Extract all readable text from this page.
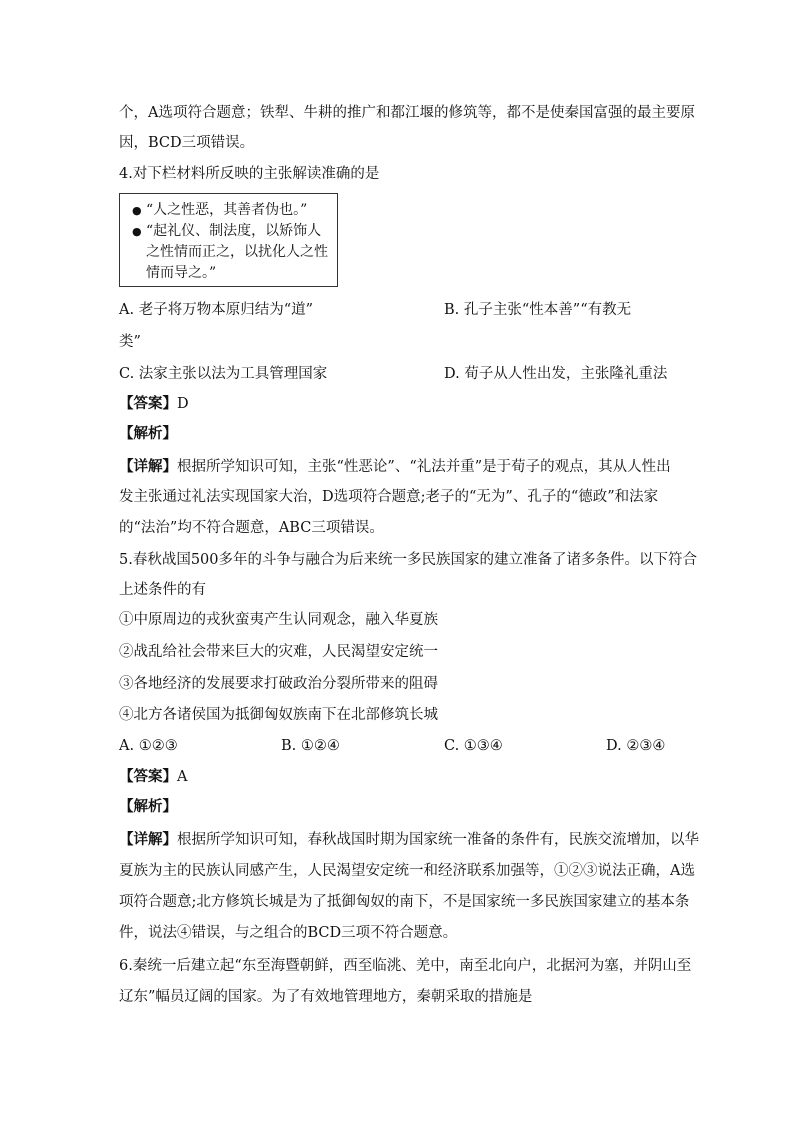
个，A选项符合题意；铁犁、牛耕的推广和都江堰的修筑等，都不是使秦国富强的最主要原
因，BCD三项错误。
4.对下栏材料所反映的主张解读准确的是
● “人之性恶，其善者伪也。”
● “起礼仪、制法度，以矫饰人
之性情而正之，以扰化人之性
情而导之。”
A. 老子将万物本原归结为“道”	B. 孔子主张“性本善”“有教无
类”
C. 法家主张以法为工具管理国家	D. 荀子从人性出发，主张隆礼重法
【答案】D
【解析】
【详解】根据所学知识可知，主张“性恶论”、“礼法并重”是于荀子的观点，其从人性出
发主张通过礼法实现国家大治，D选项符合题意;老子的“无为”、孔子的“德政”和法家
的“法治”均不符合题意，ABC三项错误。
5.春秋战国500多年的斗争与融合为后来统一多民族国家的建立准备了诸多条件。以下符合
上述条件的有
①中原周边的戎狄蛮夷产生认同观念，融入华夏族
②战乱给社会带来巨大的灾难，人民渴望安定统一
③各地经济的发展要求打破政治分裂所带来的阻碍
④北方各诸侯国为抵御匈奴族南下在北部修筑长城
A. ①②③	B. ①②④	C. ①③④	D. ②③④
【答案】A
【解析】
【详解】根据所学知识可知，春秋战国时期为国家统一准备的条件有，民族交流增加，以华
夏族为主的民族认同感产生，人民渴望安定统一和经济联系加强等，①②③说法正确，A选
项符合题意;北方修筑长城是为了抵御匈奴的南下，不是国家统一多民族国家建立的基本条
件，说法④错误，与之组合的BCD三项不符合题意。
6.秦统一后建立起“东至海暨朝鲜，西至临洮、羌中，南至北向户，北据河为塞，并阴山至
辽东”幅员辽阔的国家。为了有效地管理地方，秦朝采取的措施是
